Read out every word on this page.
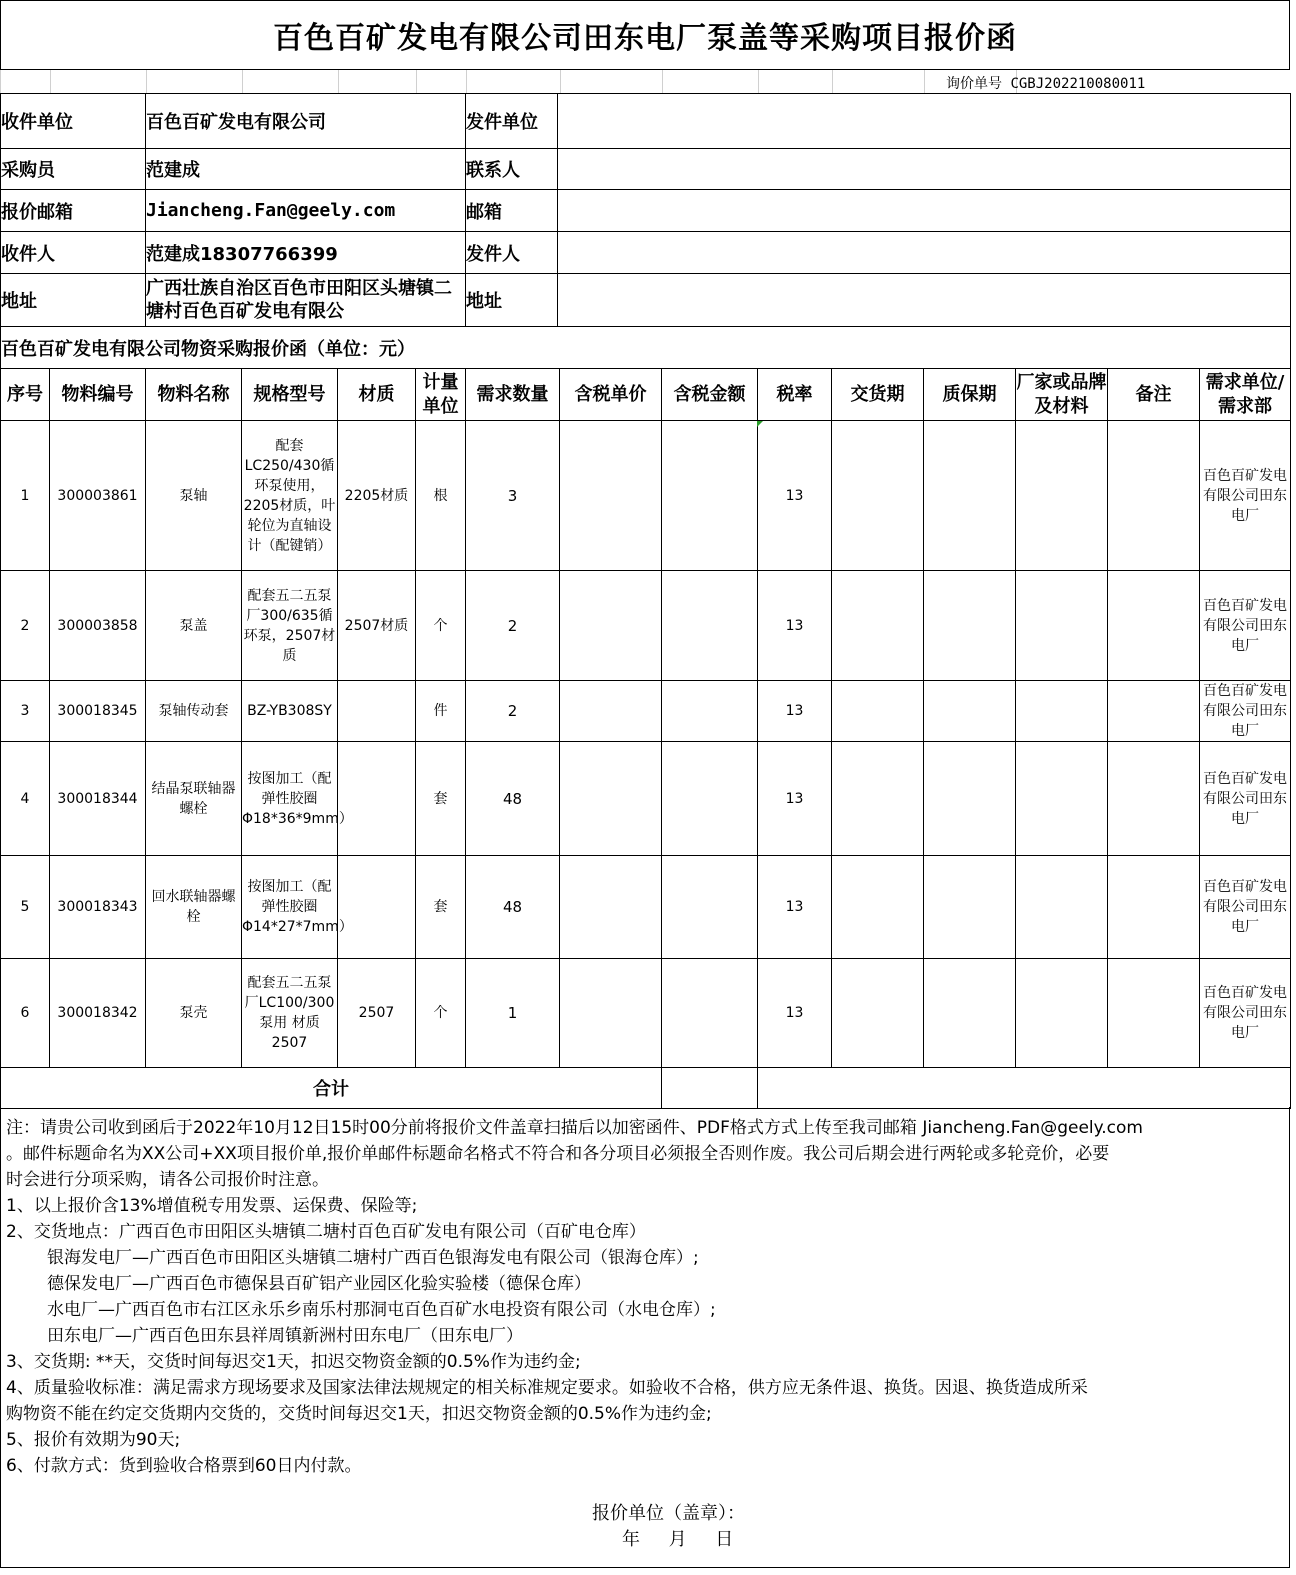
百色百矿发电有限公司田东电厂泵盖等采购项目报价函
询价单号 CGBJ202210080011
收件单位	百色百矿发电有限公司	发件单位	
采购员	范建成	联系人	
报价邮箱	Jiancheng.Fan@geely.com	邮箱	
收件人	范建成18307766399	发件人	
地址	广西壮族自治区百色市田阳区头塘镇二塘村百色百矿发电有限公	地址	
百色百矿发电有限公司物资采购报价函（单位：元）			
序号	物料编号	物料名称	规格型号	材质	计量单位	需求数量	含税单价	含税金额	税率	交货期	质保期	厂家或品牌及材料	备注	需求单位/需求部
1	300003861	泵轴	配套LC250/430循环泵使用，2205材质，叶轮位为直轴设计（配键销）	2205材质	根	3			13					百色百矿发电有限公司田东电厂
2	300003858	泵盖	配套五二五泵厂300/635循环泵，2507材质	2507材质	个	2			13					百色百矿发电有限公司田东电厂
3	300018345	泵轴传动套	BZ-YB308SY		件	2			13					百色百矿发电有限公司田东电厂
4	300018344	结晶泵联轴器螺栓	按图加工（配弹性胶圈Φ18*36*9mm）		套	48			13					百色百矿发电有限公司田东电厂
5	300018343	回水联轴器螺栓	按图加工（配弹性胶圈Φ14*27*7mm）		套	48			13					百色百矿发电有限公司田东电厂
6	300018342	泵壳	配套五二五泵厂LC100/300泵用 材质2507	2507	个	1			13					百色百矿发电有限公司田东电厂
合计														

注：请贵公司收到函后于2022年10月12日15时00分前将报价文件盖章扫描后以加密函件、PDF格式方式上传至我司邮箱 Jiancheng.Fan@geely.com

。邮件标题命名为XX公司+XX项目报价单,报价单邮件标题命名格式不符合和各分项目必须报全否则作废。我公司后期会进行两轮或多轮竞价，必要

时会进行分项采购，请各公司报价时注意。

1、以上报价含13%增值税专用发票、运保费、保险等;

2、交货地点：广西百色市田阳区头塘镇二塘村百色百矿发电有限公司（百矿电仓库）

银海发电厂—广西百色市田阳区头塘镇二塘村广西百色银海发电有限公司（银海仓库）;

德保发电厂—广西百色市德保县百矿铝产业园区化验实验楼（德保仓库）

水电厂—广西百色市右江区永乐乡南乐村那洞屯百色百矿水电投资有限公司（水电仓库）;

田东电厂—广西百色田东县祥周镇新洲村田东电厂（田东电厂）

3、交货期: **天，交货时间每迟交1天，扣迟交物资金额的0.5%作为违约金;

4、质量验收标准：满足需求方现场要求及国家法律法规规定的相关标准规定要求。如验收不合格，供方应无条件退、换货。因退、换货造成所采

购物资不能在约定交货期内交货的，交货时间每迟交1天，扣迟交物资金额的0.5%作为违约金;

5、报价有效期为90天;

6、付款方式：货到验收合格票到60日内付款。

报价单位（盖章）：
年     月     日
